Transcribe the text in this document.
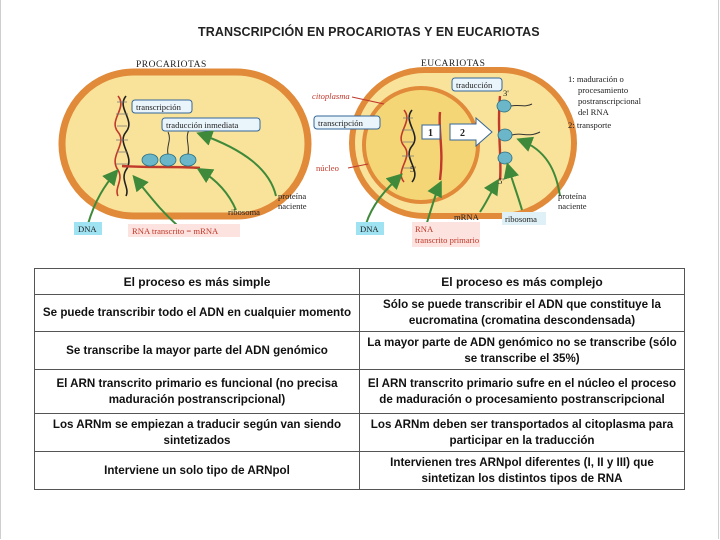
TRANSCRIPCIÓN EN PROCARIOTAS Y EN EUCARIOTAS
PROCARIOTAS
3'
transcripción
traducción inmediata
proteína
naciente
ribosoma
DNA	RNA transcrito = mRNA
EUCARIOTAS
1	2
3'
5'
5'
citoplasma
traducción
transcripción
núcleo
1: maduración o
procesamiento
postranscripcional
del RNA
2: transporte
proteína
naciente
mRNA	ribosoma
DNA	RNA
transcrito primario
El proceso es más simple	El proceso es más complejo
Se puede transcribir todo el ADN en cualquier momento	Sólo se puede transcribir el ADN que constituye la eucromatina (cromatina descondensada)
Se transcribe la mayor parte del ADN genómico	La mayor parte de ADN genómico no se transcribe (sólo se transcribe el 35%)
El ARN transcrito primario es funcional (no precisa maduración postranscripcional)	El ARN transcrito primario sufre en el núcleo el proceso de maduración o procesamiento postranscripcional
Los ARNm se empiezan a traducir según van siendo sintetizados	Los ARNm deben ser transportados al citoplasma para participar en la traducción
Interviene un solo tipo de ARNpol	Intervienen tres ARNpol diferentes (I, II y III) que sintetizan los distintos tipos de RNA
